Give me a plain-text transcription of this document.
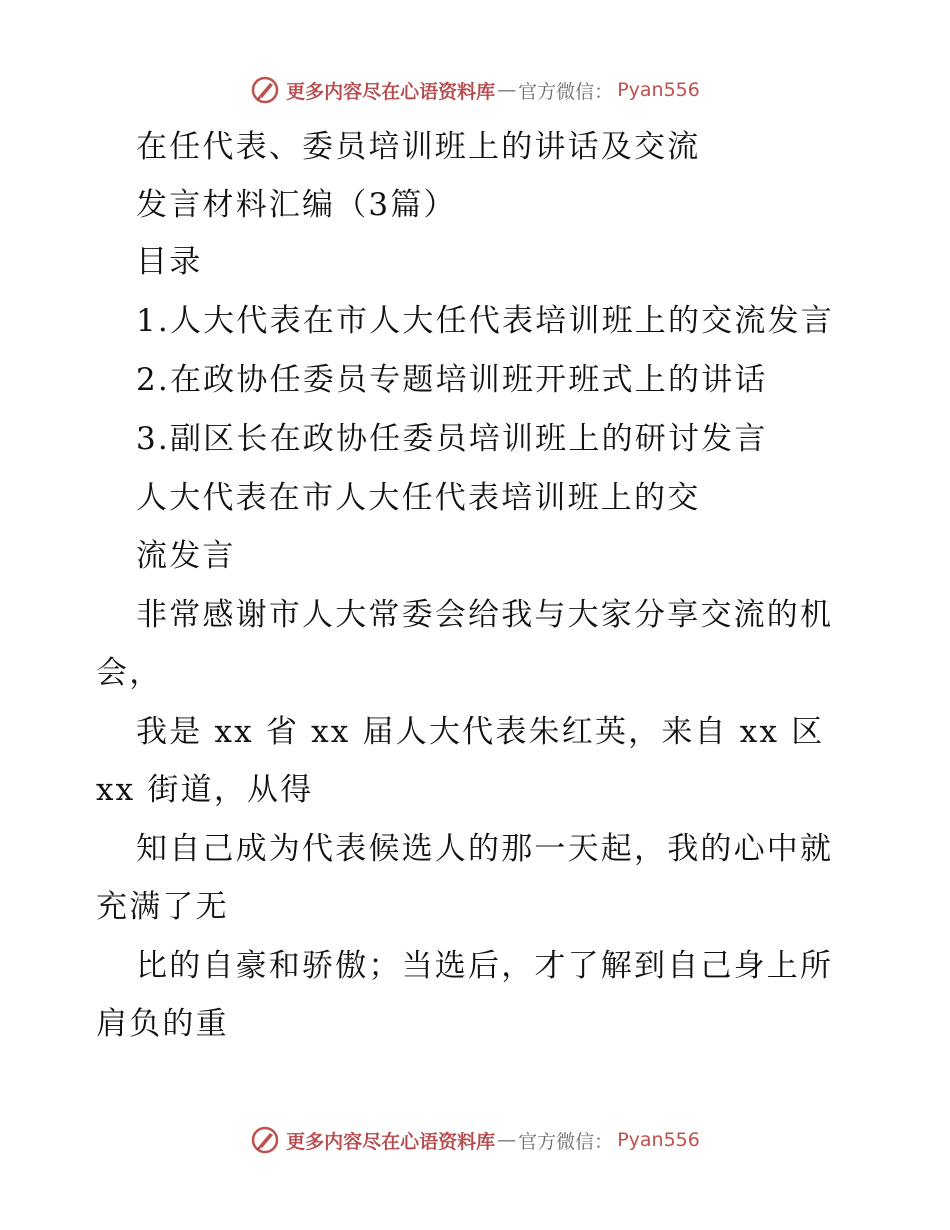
更多内容尽在心语资料库 — 官方微信： Pyan556
在任代表、委员培训班上的讲话及交流
发言材料汇编（3篇）
目录
1.人大代表在市人大任代表培训班上的交流发言
2.在政协任委员专题培训班开班式上的讲话
3.副区长在政协任委员培训班上的研讨发言
人大代表在市人大任代表培训班上的交
流发言
非常感谢市人大常委会给我与大家分享交流的机
会，
我是 xx 省 xx 届人大代表朱红英，来自 xx 区
xx 街道，从得
知自己成为代表候选人的那一天起，我的心中就
充满了无
比的自豪和骄傲；当选后，才了解到自己身上所
肩负的重
更多内容尽在心语资料库 — 官方微信： Pyan556
